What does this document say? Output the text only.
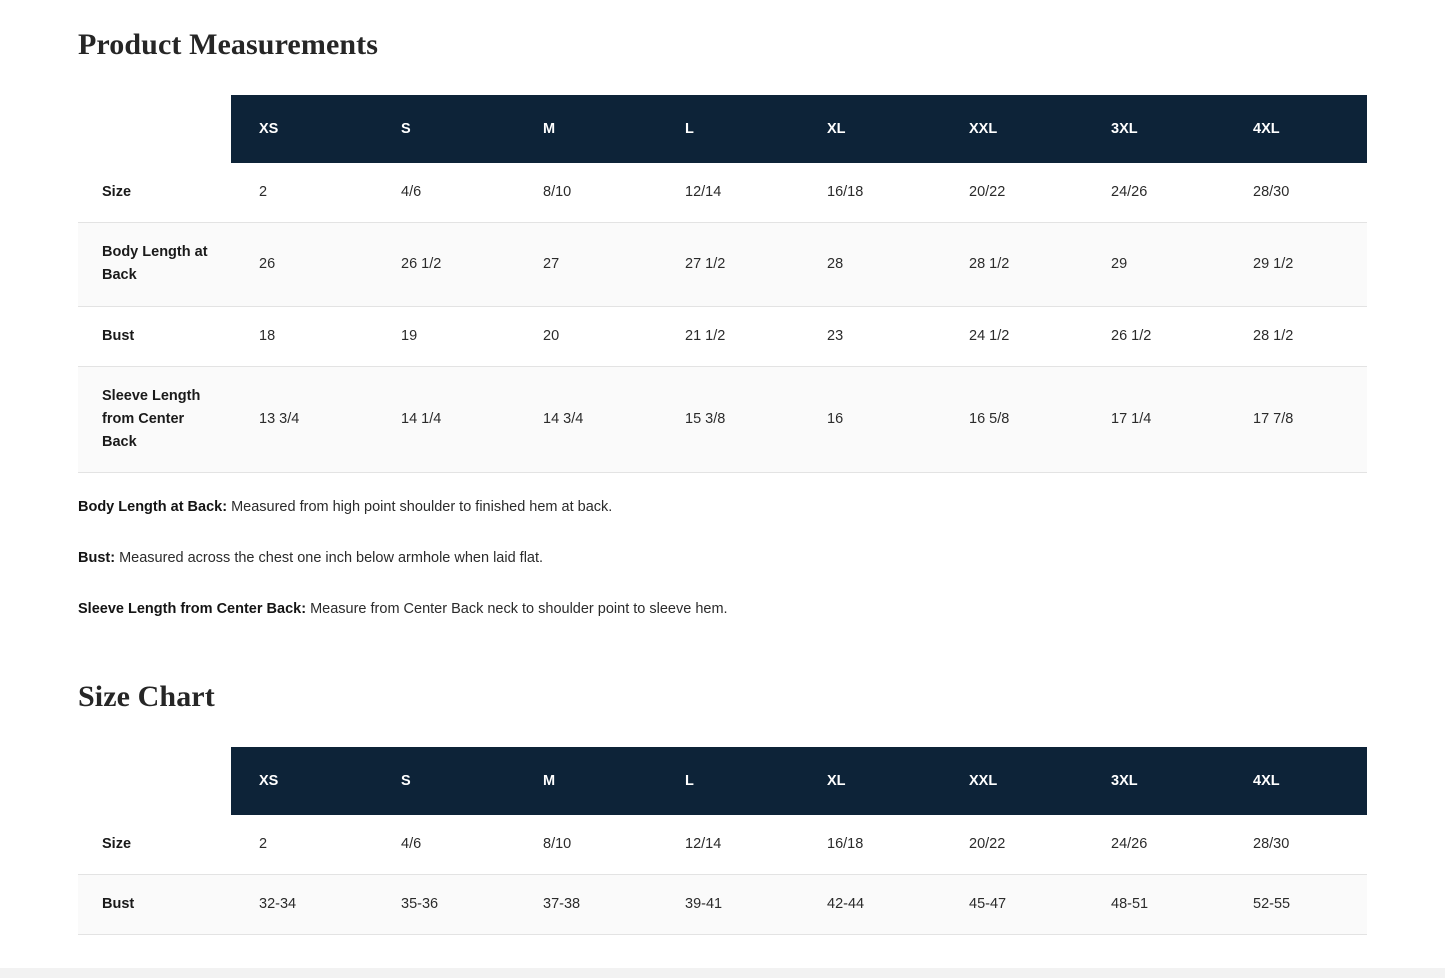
Product Measurements

	XS	S	M	L	XL	XXL	3XL	4XL

Size	2	4/6	8/10	12/14	16/18	20/22	24/26	28/30
Body Length at Back	26	26 1/2	27	27 1/2	28	28 1/2	29	29 1/2
Bust	18	19	20	21 1/2	23	24 1/2	26 1/2	28 1/2
Sleeve Length from Center Back	13 3/4	14 1/4	14 3/4	15 3/8	16	16 5/8	17 1/4	17 7/8

Body Length at Back: Measured from high point shoulder to finished hem at back.

Bust: Measured across the chest one inch below armhole when laid flat.

Sleeve Length from Center Back: Measure from Center Back neck to shoulder point to sleeve hem.

Size Chart

	XS	S	M	L	XL	XXL	3XL	4XL

Size	2	4/6	8/10	12/14	16/18	20/22	24/26	28/30
Bust	32-34	35-36	37-38	39-41	42-44	45-47	48-51	52-55
